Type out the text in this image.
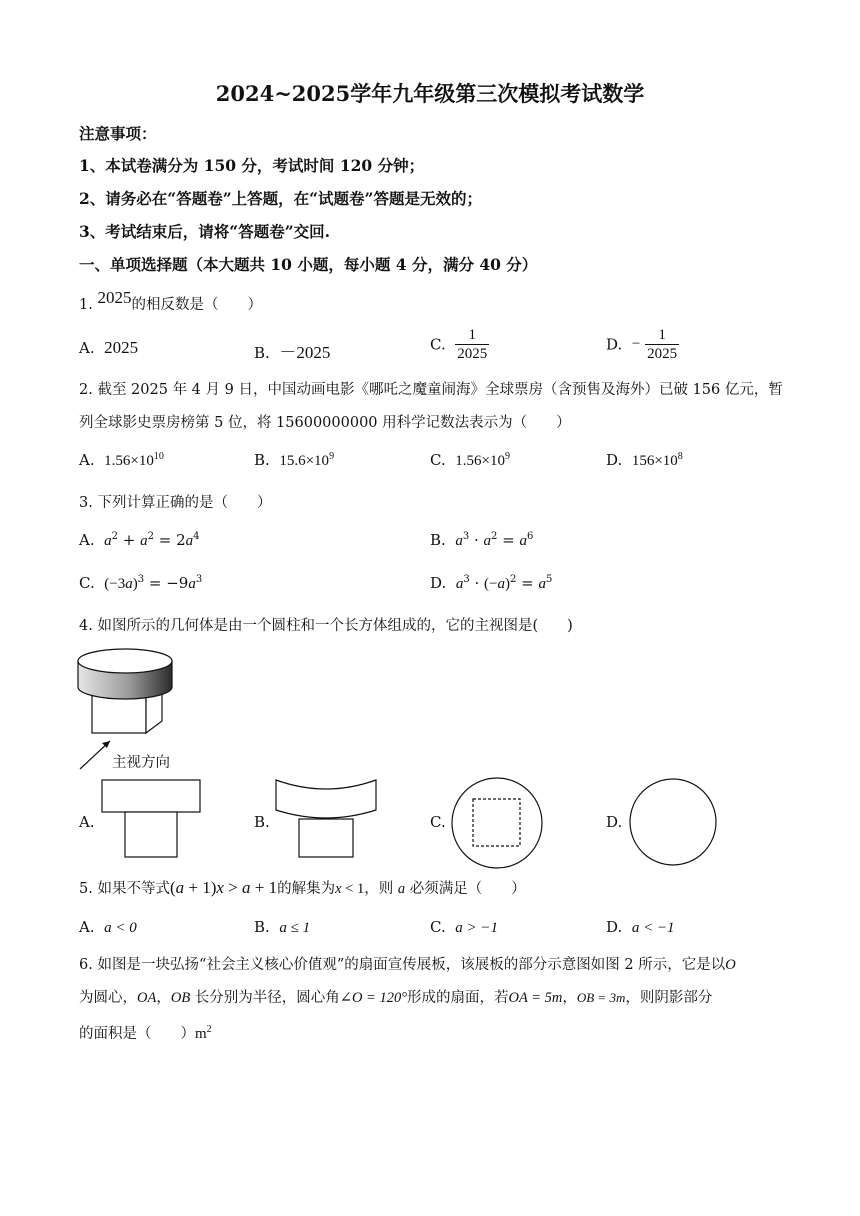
2024~2025学年九年级第三次模拟考试数学
注意事项：
1、本试卷满分为 150 分，考试时间 120 分钟；
2、请务必在“答题卷”上答题，在“试题卷”答题是无效的；
3、考试结束后，请将“答题卷”交回.
一、单项选择题（本大题共 10 小题，每小题 4 分，满分 40 分）
1. 2025的相反数是（　　）
A. 2025	B. －2025	C. $\frac{1}{2025}$	D. − $\frac{1}{2025}$
2. 截至 2025 年 4 月 9 日，中国动画电影《哪吒之魔童闹海》全球票房（含预售及海外）已破 156 亿元，暂
列全球影史票房榜第 5 位，将 15600000000 用科学记数法表示为（　　）
A. $1.56\times 10^{10}$	B. $15.6\times 10^9$	C. $1.56\times 10^9$	D. $156\times 10^8$
3. 下列计算正确的是（　　）
A. $a^2 + a^2 = 2a^4$	B. $a^3 \cdot a^2 = a^6$
C. $(-3a)^3 = -9a^3$	D. $a^3 \cdot (-a)^2 = a^5$
4. 如图所示的几何体是由一个圆柱和一个长方体组成的，它的主视图是(　　)
主视方向
A.	B.	C.	D.
5. 如果不等式(a + 1)x > a + 1的解集为x < 1，则 a 必须满足（　　）
A. a < 0	B. a ≤ 1	C. a > −1	D. a < −1
6. 如图是一块弘扬“社会主义核心价值观”的扇面宣传展板，该展板的部分示意图如图 2 所示，它是以O
为圆心，OA，OB 长分别为半径，圆心角∠O = 120°形成的扇面，若OA = 5m，OB = 3m，则阴影部分
的面积是（　　）$m^2$
